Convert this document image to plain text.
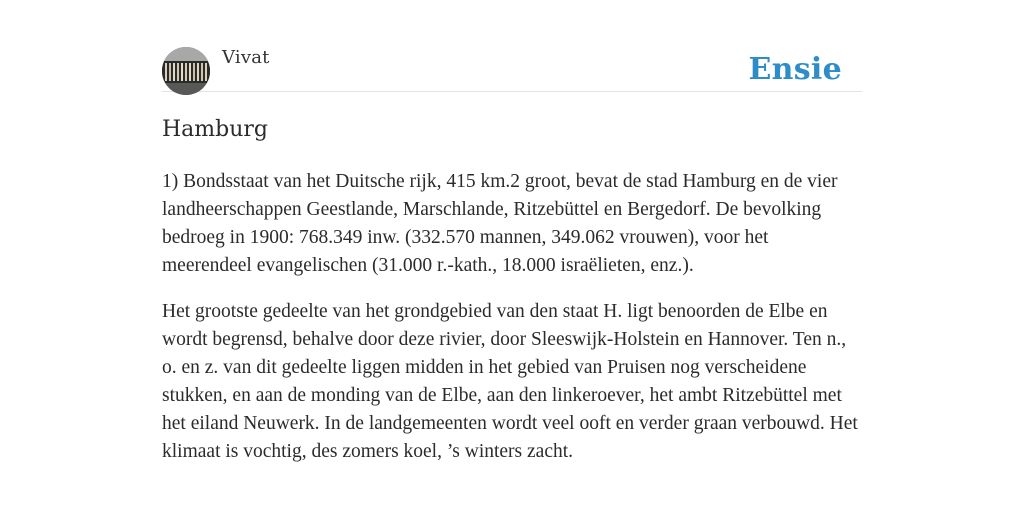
Vivat	Ensie
Hamburg

1) Bondsstaat van het Duitsche rijk, 415 km.2 groot, bevat de stad Hamburg en de vier landheerschappen Geestlande, Marschlande, Ritzebüttel en Bergedorf. De bevolking bedroeg in 1900: 768.349 inw. (332.570 mannen, 349.062 vrouwen), voor het meerendeel evangelischen (31.000 r.-kath., 18.000 israëlieten, enz.).

Het grootste gedeelte van het grondgebied van den staat H. ligt benoorden de Elbe en wordt begrensd, behalve door deze rivier, door Sleeswijk-Holstein en Hannover. Ten n., o. en z. van dit gedeelte liggen midden in het gebied van Pruisen nog verscheidene stukken, en aan de monding van de Elbe, aan den linkeroever, het ambt Ritzebüttel met het eiland Neuwerk. In de landgemeenten wordt veel ooft en verder graan verbouwd. Het klimaat is vochtig, des zomers koel, ’s winters zacht.
